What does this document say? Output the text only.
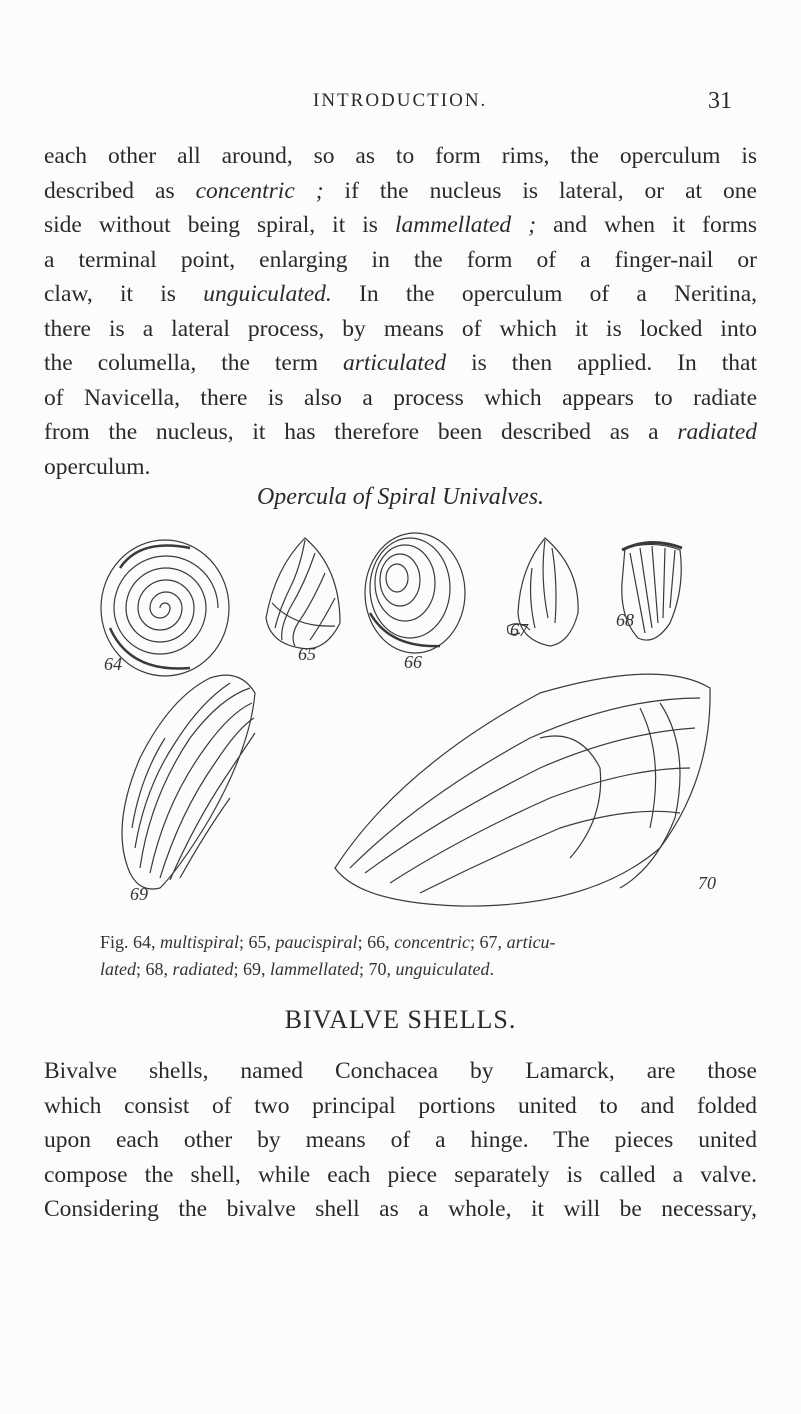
INTRODUCTION.	31
each other all around, so as to form rims, the operculum is
described as concentric ; if the nucleus is lateral, or at one
side without being spiral, it is lammellated ; and when it forms
a terminal point, enlarging in the form of a finger-nail or
claw, it is unguiculated. In the operculum of a Neritina,
there is a lateral process, by means of which it is locked into
the columella, the term articulated is then applied. In that
of Navicella, there is also a process which appears to radiate
from the nucleus, it has therefore been described as a radiated
operculum.
Opercula of Spiral Univalves.
64	65	66
67	68
69
70
Fig. 64, multispiral; 65, paucispiral; 66, concentric; 67, articu-
lated; 68, radiated; 69, lammellated; 70, unguiculated.
BIVALVE SHELLS.
Bivalve shells, named Conchacea by Lamarck, are those
which consist of two principal portions united to and folded
upon each other by means of a hinge. The pieces united
compose the shell, while each piece separately is called a valve.
Considering the bivalve shell as a whole, it will be necessary,
